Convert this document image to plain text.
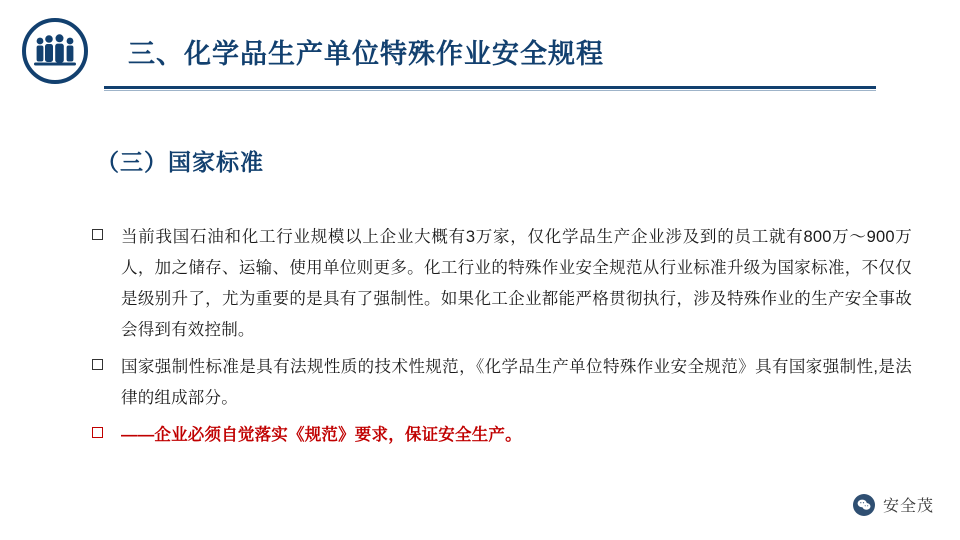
三、化学品生产单位特殊作业安全规程
（三）国家标准
当前我国石油和化工行业规模以上企业大概有3万家，仅化学品生产企业涉及到的员工就有800万～900万人，加之储存、运输、使用单位则更多。化工行业的特殊作业安全规范从行业标准升级为国家标准，不仅仅是级别升了，尤为重要的是具有了强制性。如果化工企业都能严格贯彻执行，涉及特殊作业的生产安全事故会得到有效控制。
国家强制性标准是具有法规性质的技术性规范，《化学品生产单位特殊作业安全规范》具有国家强制性,是法律的组成部分。
——企业必须自觉落实《规范》要求，保证安全生产。
安全茂
